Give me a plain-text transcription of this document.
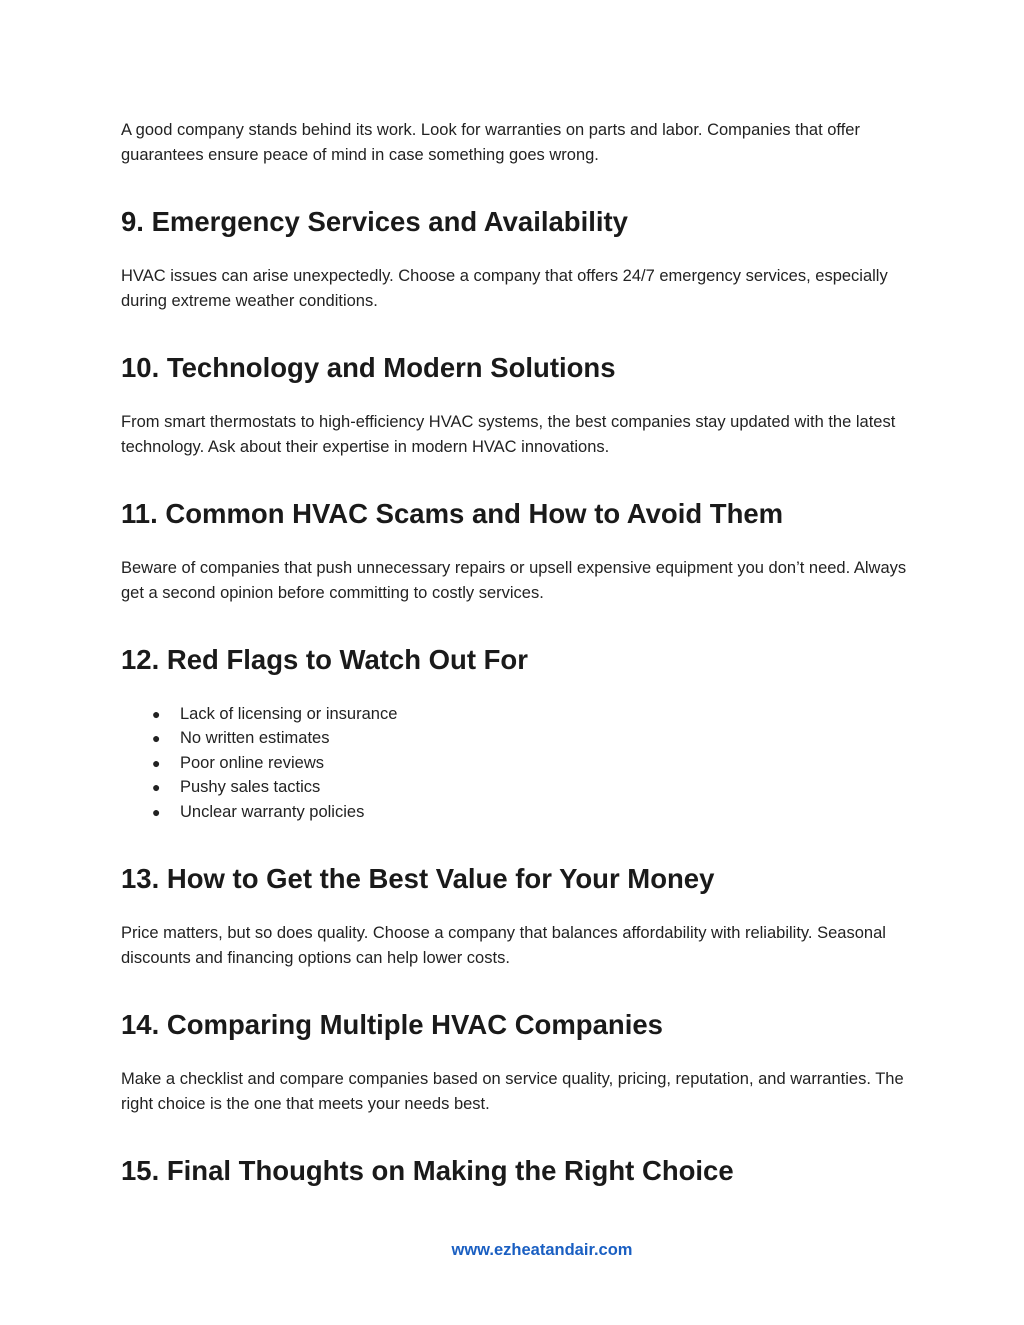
A good company stands behind its work. Look for warranties on parts and labor. Companies that offer guarantees ensure peace of mind in case something goes wrong.

9. Emergency Services and Availability

HVAC issues can arise unexpectedly. Choose a company that offers 24/7 emergency services, especially during extreme weather conditions.

10. Technology and Modern Solutions

From smart thermostats to high-efficiency HVAC systems, the best companies stay updated with the latest technology. Ask about their expertise in modern HVAC innovations.

11. Common HVAC Scams and How to Avoid Them

Beware of companies that push unnecessary repairs or upsell expensive equipment you don’t need. Always get a second opinion before committing to costly services.

12. Red Flags to Watch Out For
● Lack of licensing or insurance
● No written estimates
● Poor online reviews
● Pushy sales tactics
● Unclear warranty policies
13. How to Get the Best Value for Your Money

Price matters, but so does quality. Choose a company that balances affordability with reliability. Seasonal discounts and financing options can help lower costs.

14. Comparing Multiple HVAC Companies

Make a checklist and compare companies based on service quality, pricing, reputation, and warranties. The right choice is the one that meets your needs best.

15. Final Thoughts on Making the Right Choice
www.ezheatandair.com
